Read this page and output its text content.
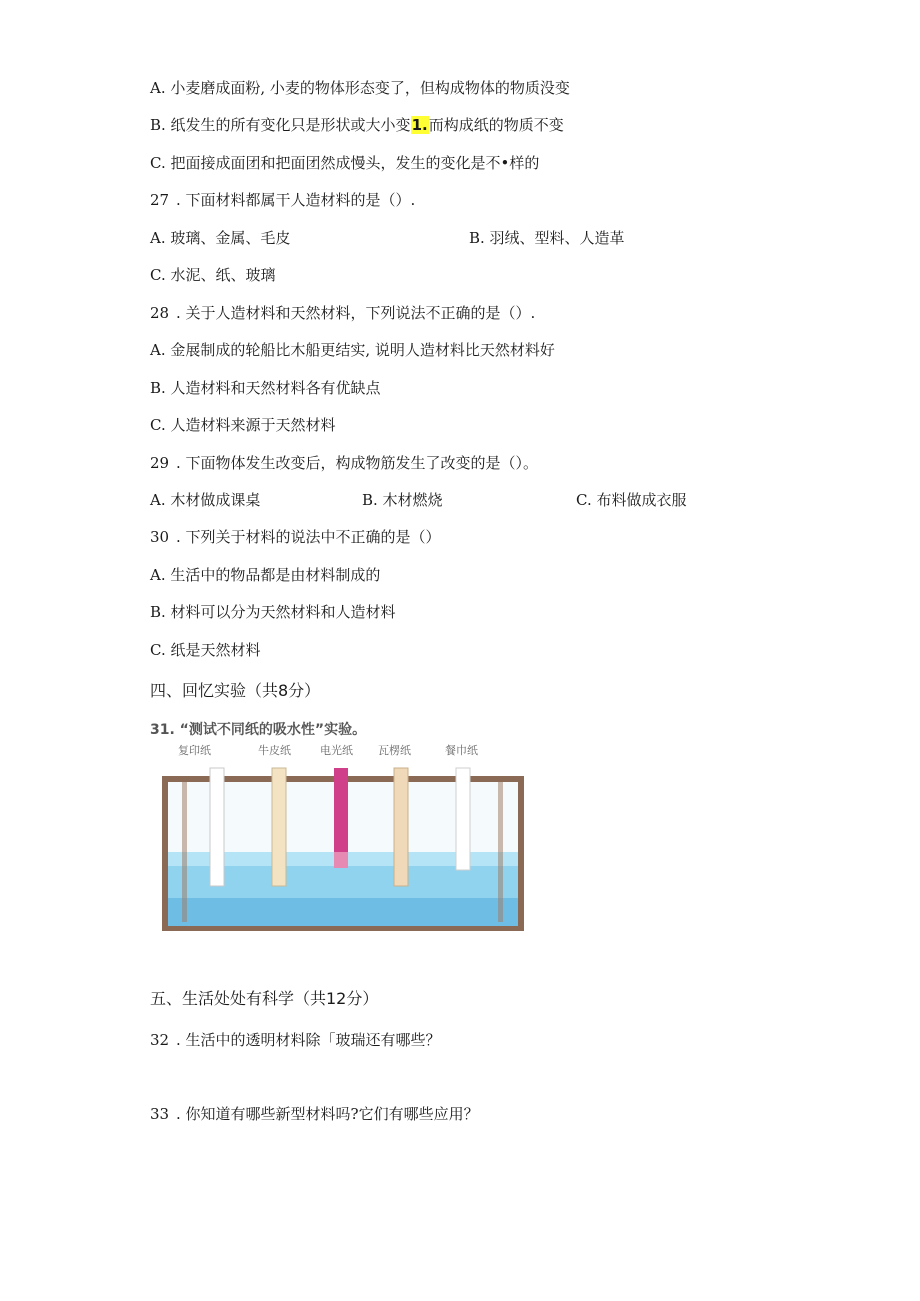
A. 小麦磨成面粉, 小麦的物体形态变了，但构成物体的物质没变
B. 纸发生的所有变化只是形状或大小变1.而构成纸的物质不变
C. 把面接成面团和把面团然成慢头，发生的变化是不•样的
27 . 下面材料都属干人造材料的是（）.
A. 玻璃、金属、毛皮	B. 羽绒、型料、人造革
C. 水泥、纸、玻璃
28 . 关于人造材料和天然材料，下列说法不正确的是（）.
A. 金展制成的轮船比木船更结实, 说明人造材料比天然材料好
B. 人造材料和天然材料各有优缺点
C. 人造材料来源于天然材料
29 . 下面物体发生改变后，构成物筋发生了改变的是（）。
A. 木材做成课桌	B. 木材燃烧	C. 布料做成衣服
30 . 下列关于材料的说法中不正确的是（）
A. 生活中的物品都是由材料制成的
B. 材料可以分为天然材料和人造材料
C. 纸是天然材料
四、回忆实验（共8分）
31. “测试不同纸的吸水性”实验。
复印纸	牛皮纸	电光纸 瓦楞纸	餐巾纸
五、生活处处有科学（共12分）
32 . 生活中的透明材料除「玻瑞还有哪些？
33 . 你知道有哪些新型材料吗?它们有哪些应用？
